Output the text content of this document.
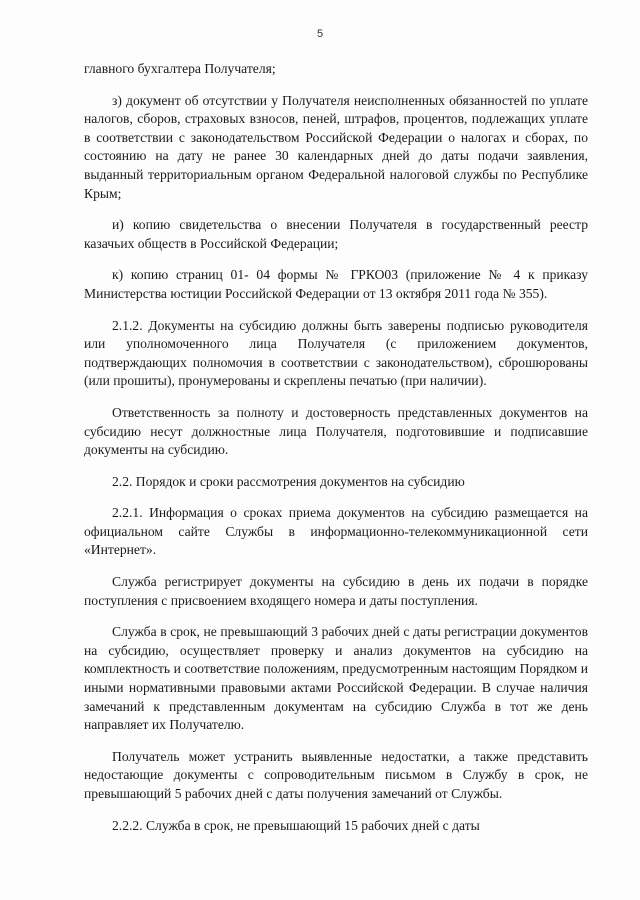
5

главного бухгалтера Получателя;

з) документ об отсутствии у Получателя неисполненных обязанностей по уплате налогов, сборов, страховых взносов, пеней, штрафов, процентов, подлежащих уплате в соответствии с законодательством Российской Федерации о налогах и сборах, по состоянию на дату не ранее 30 календарных дней до даты подачи заявления, выданный территориальным органом Федеральной налоговой службы по Республике Крым;

и) копию свидетельства о внесении Получателя в государственный реестр казачьих обществ в Российской Федерации;

к) копию страниц 01- 04 формы № ГРКО03 (приложение № 4 к приказу Министерства юстиции Российской Федерации от 13 октября 2011 года № 355).

2.1.2. Документы на субсидию должны быть заверены подписью руководителя или уполномоченного лица Получателя (с приложением документов, подтверждающих полномочия в соответствии с законодательством), сброшюрованы (или прошиты), пронумерованы и скреплены печатью (при наличии).

Ответственность за полноту и достоверность представленных документов на субсидию несут должностные лица Получателя, подготовившие и подписавшие документы на субсидию.

2.2. Порядок и сроки рассмотрения документов на субсидию

2.2.1. Информация о сроках приема документов на субсидию размещается на официальном сайте Службы в информационно-телекоммуникационной сети «Интернет».

Служба регистрирует документы на субсидию в день их подачи в порядке поступления с присвоением входящего номера и даты поступления.

Служба в срок, не превышающий 3 рабочих дней с даты регистрации документов на субсидию, осуществляет проверку и анализ документов на субсидию на комплектность и соответствие положениям, предусмотренным настоящим Порядком и иными нормативными правовыми актами Российской Федерации. В случае наличия замечаний к представленным документам на субсидию Служба в тот же день направляет их Получателю.

Получатель может устранить выявленные недостатки, а также представить недостающие документы с сопроводительным письмом в Службу в срок, не превышающий 5 рабочих дней с даты получения замечаний от Службы.

2.2.2. Служба в срок, не превышающий 15 рабочих дней с даты
